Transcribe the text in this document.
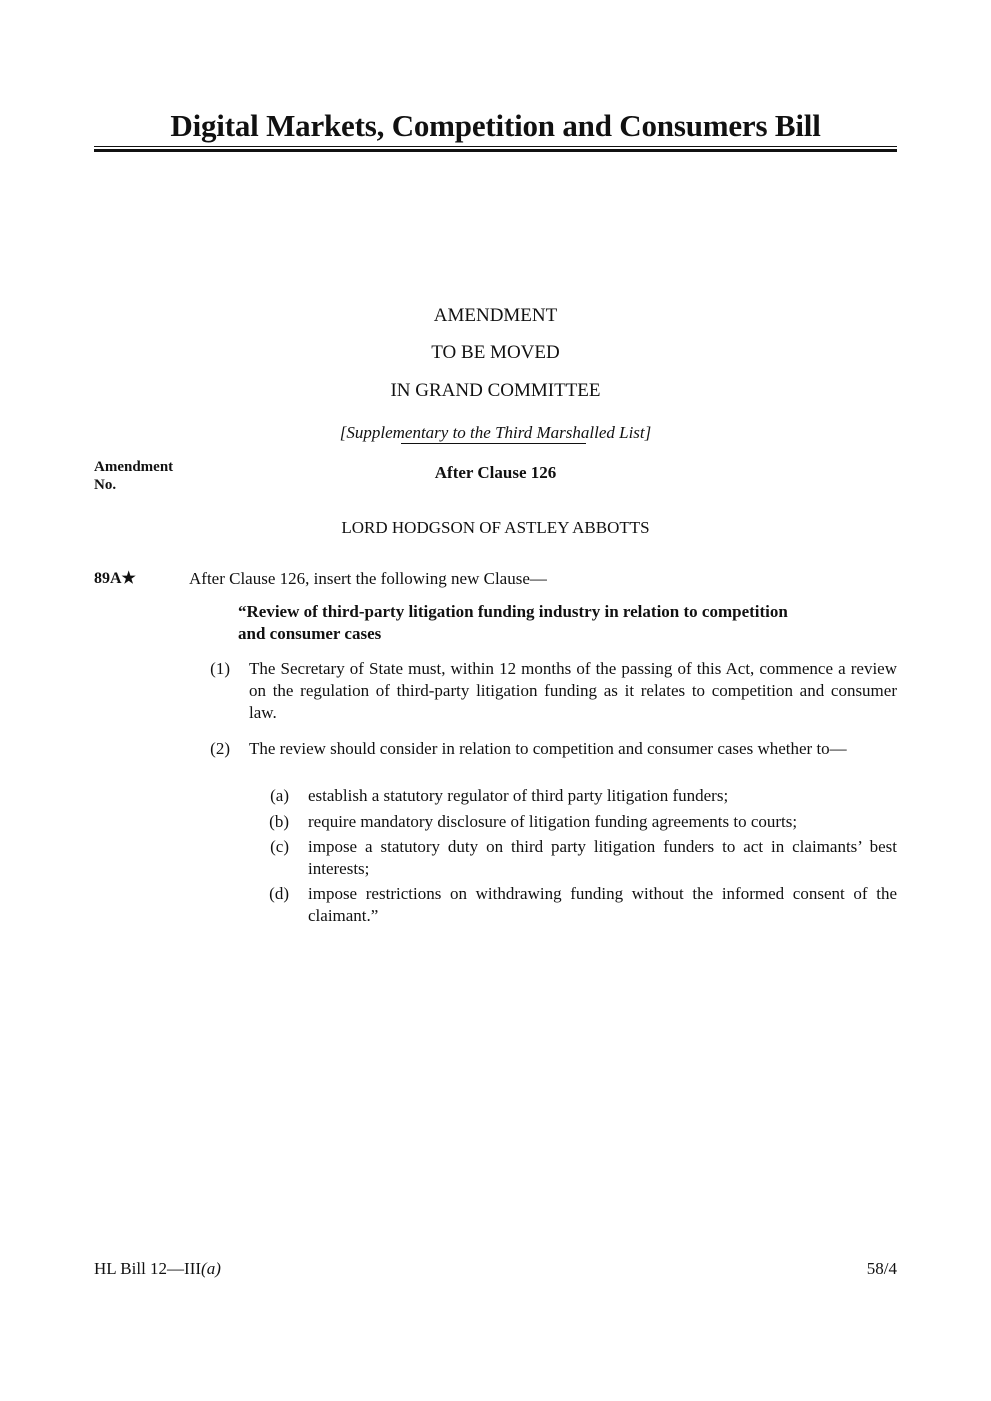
Digital Markets, Competition and Consumers Bill
AMENDMENT
TO BE MOVED
IN GRAND COMMITTEE
[Supplementary to the Third Marshalled List]
Amendment
No.
After Clause 126
LORD HODGSON OF ASTLEY ABBOTTS
89A★	After Clause 126, insert the following new Clause—
“Review of third-party litigation funding industry in relation to competition
and consumer cases
(1) The Secretary of State must, within 12 months of the passing of this Act, commence a review on the regulation of third-party litigation funding as it relates to competition and consumer law.
(2) The review should consider in relation to competition and consumer cases whether to—
(a) establish a statutory regulator of third party litigation funders;
(b) require mandatory disclosure of litigation funding agreements to courts;
(c) impose a statutory duty on third party litigation funders to act in claimants’ best interests;
(d) impose restrictions on withdrawing funding without the informed consent of the claimant.”
HL Bill 12—III(a)	58/4
